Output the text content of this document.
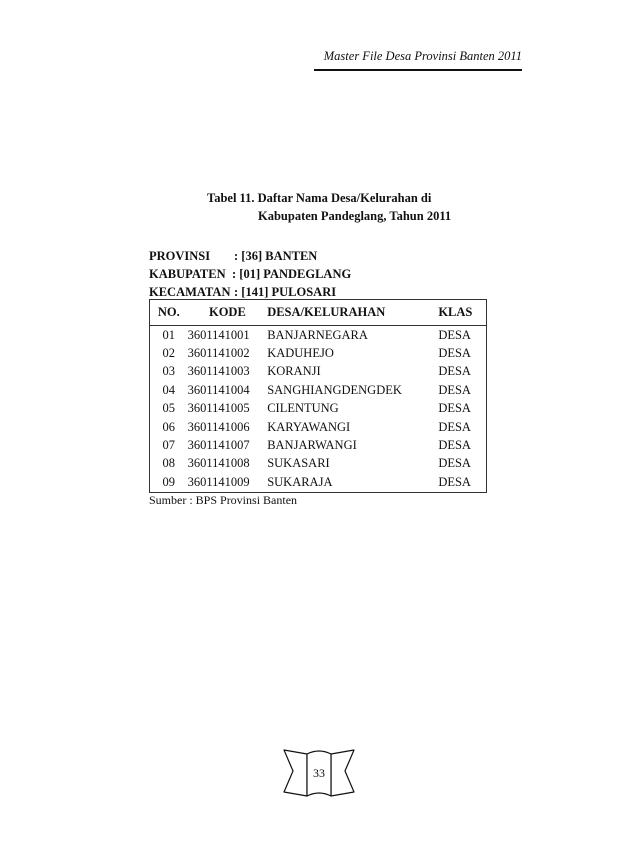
Master File Desa Provinsi Banten 2011
Tabel 11. Daftar Nama Desa/Kelurahan di
Kabupaten Pandeglang, Tahun 2011
PROVINSI : [36] BANTEN
KABUPATEN : [01] PANDEGLANG
KECAMATAN : [141] PULOSARI
NO.	KODE	DESA/KELURAHAN	KLAS
01	3601141001	BANJARNEGARA	DESA
02	3601141002	KADUHEJO	DESA
03	3601141003	KORANJI	DESA
04	3601141004	SANGHIANGDENGDEK	DESA
05	3601141005	CILENTUNG	DESA
06	3601141006	KARYAWANGI	DESA
07	3601141007	BANJARWANGI	DESA
08	3601141008	SUKASARI	DESA
09	3601141009	SUKARAJA	DESA
Sumber : BPS Provinsi Banten
33
